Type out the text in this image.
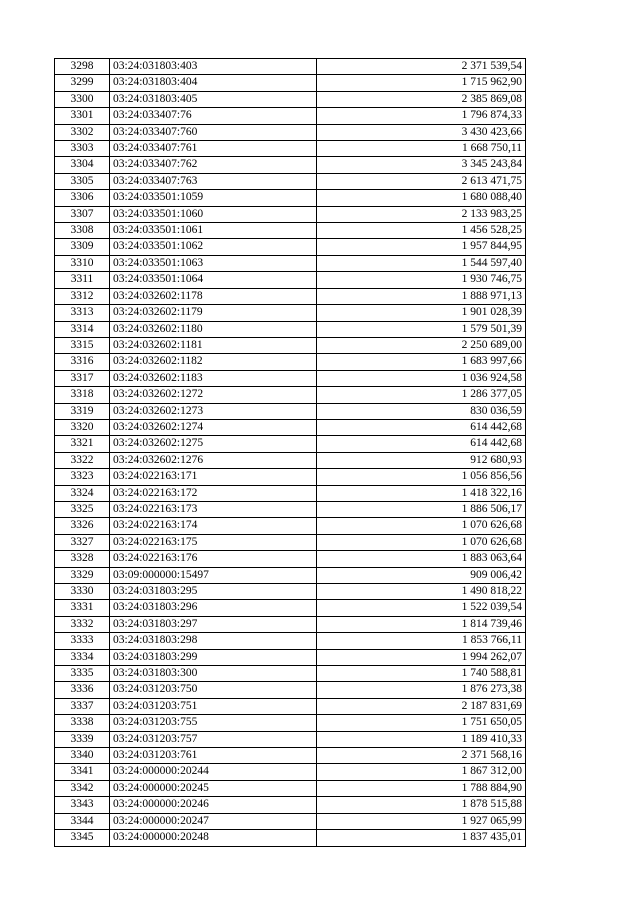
3298	03:24:031803:403	2 371 539,54
3299	03:24:031803:404	1 715 962,90
3300	03:24:031803:405	2 385 869,08
3301	03:24:033407:76	1 796 874,33
3302	03:24:033407:760	3 430 423,66
3303	03:24:033407:761	1 668 750,11
3304	03:24:033407:762	3 345 243,84
3305	03:24:033407:763	2 613 471,75
3306	03:24:033501:1059	1 680 088,40
3307	03:24:033501:1060	2 133 983,25
3308	03:24:033501:1061	1 456 528,25
3309	03:24:033501:1062	1 957 844,95
3310	03:24:033501:1063	1 544 597,40
3311	03:24:033501:1064	1 930 746,75
3312	03:24:032602:1178	1 888 971,13
3313	03:24:032602:1179	1 901 028,39
3314	03:24:032602:1180	1 579 501,39
3315	03:24:032602:1181	2 250 689,00
3316	03:24:032602:1182	1 683 997,66
3317	03:24:032602:1183	1 036 924,58
3318	03:24:032602:1272	1 286 377,05
3319	03:24:032602:1273	830 036,59
3320	03:24:032602:1274	614 442,68
3321	03:24:032602:1275	614 442,68
3322	03:24:032602:1276	912 680,93
3323	03:24:022163:171	1 056 856,56
3324	03:24:022163:172	1 418 322,16
3325	03:24:022163:173	1 886 506,17
3326	03:24:022163:174	1 070 626,68
3327	03:24:022163:175	1 070 626,68
3328	03:24:022163:176	1 883 063,64
3329	03:09:000000:15497	909 006,42
3330	03:24:031803:295	1 490 818,22
3331	03:24:031803:296	1 522 039,54
3332	03:24:031803:297	1 814 739,46
3333	03:24:031803:298	1 853 766,11
3334	03:24:031803:299	1 994 262,07
3335	03:24:031803:300	1 740 588,81
3336	03:24:031203:750	1 876 273,38
3337	03:24:031203:751	2 187 831,69
3338	03:24:031203:755	1 751 650,05
3339	03:24:031203:757	1 189 410,33
3340	03:24:031203:761	2 371 568,16
3341	03:24:000000:20244	1 867 312,00
3342	03:24:000000:20245	1 788 884,90
3343	03:24:000000:20246	1 878 515,88
3344	03:24:000000:20247	1 927 065,99
3345	03:24:000000:20248	1 837 435,01
